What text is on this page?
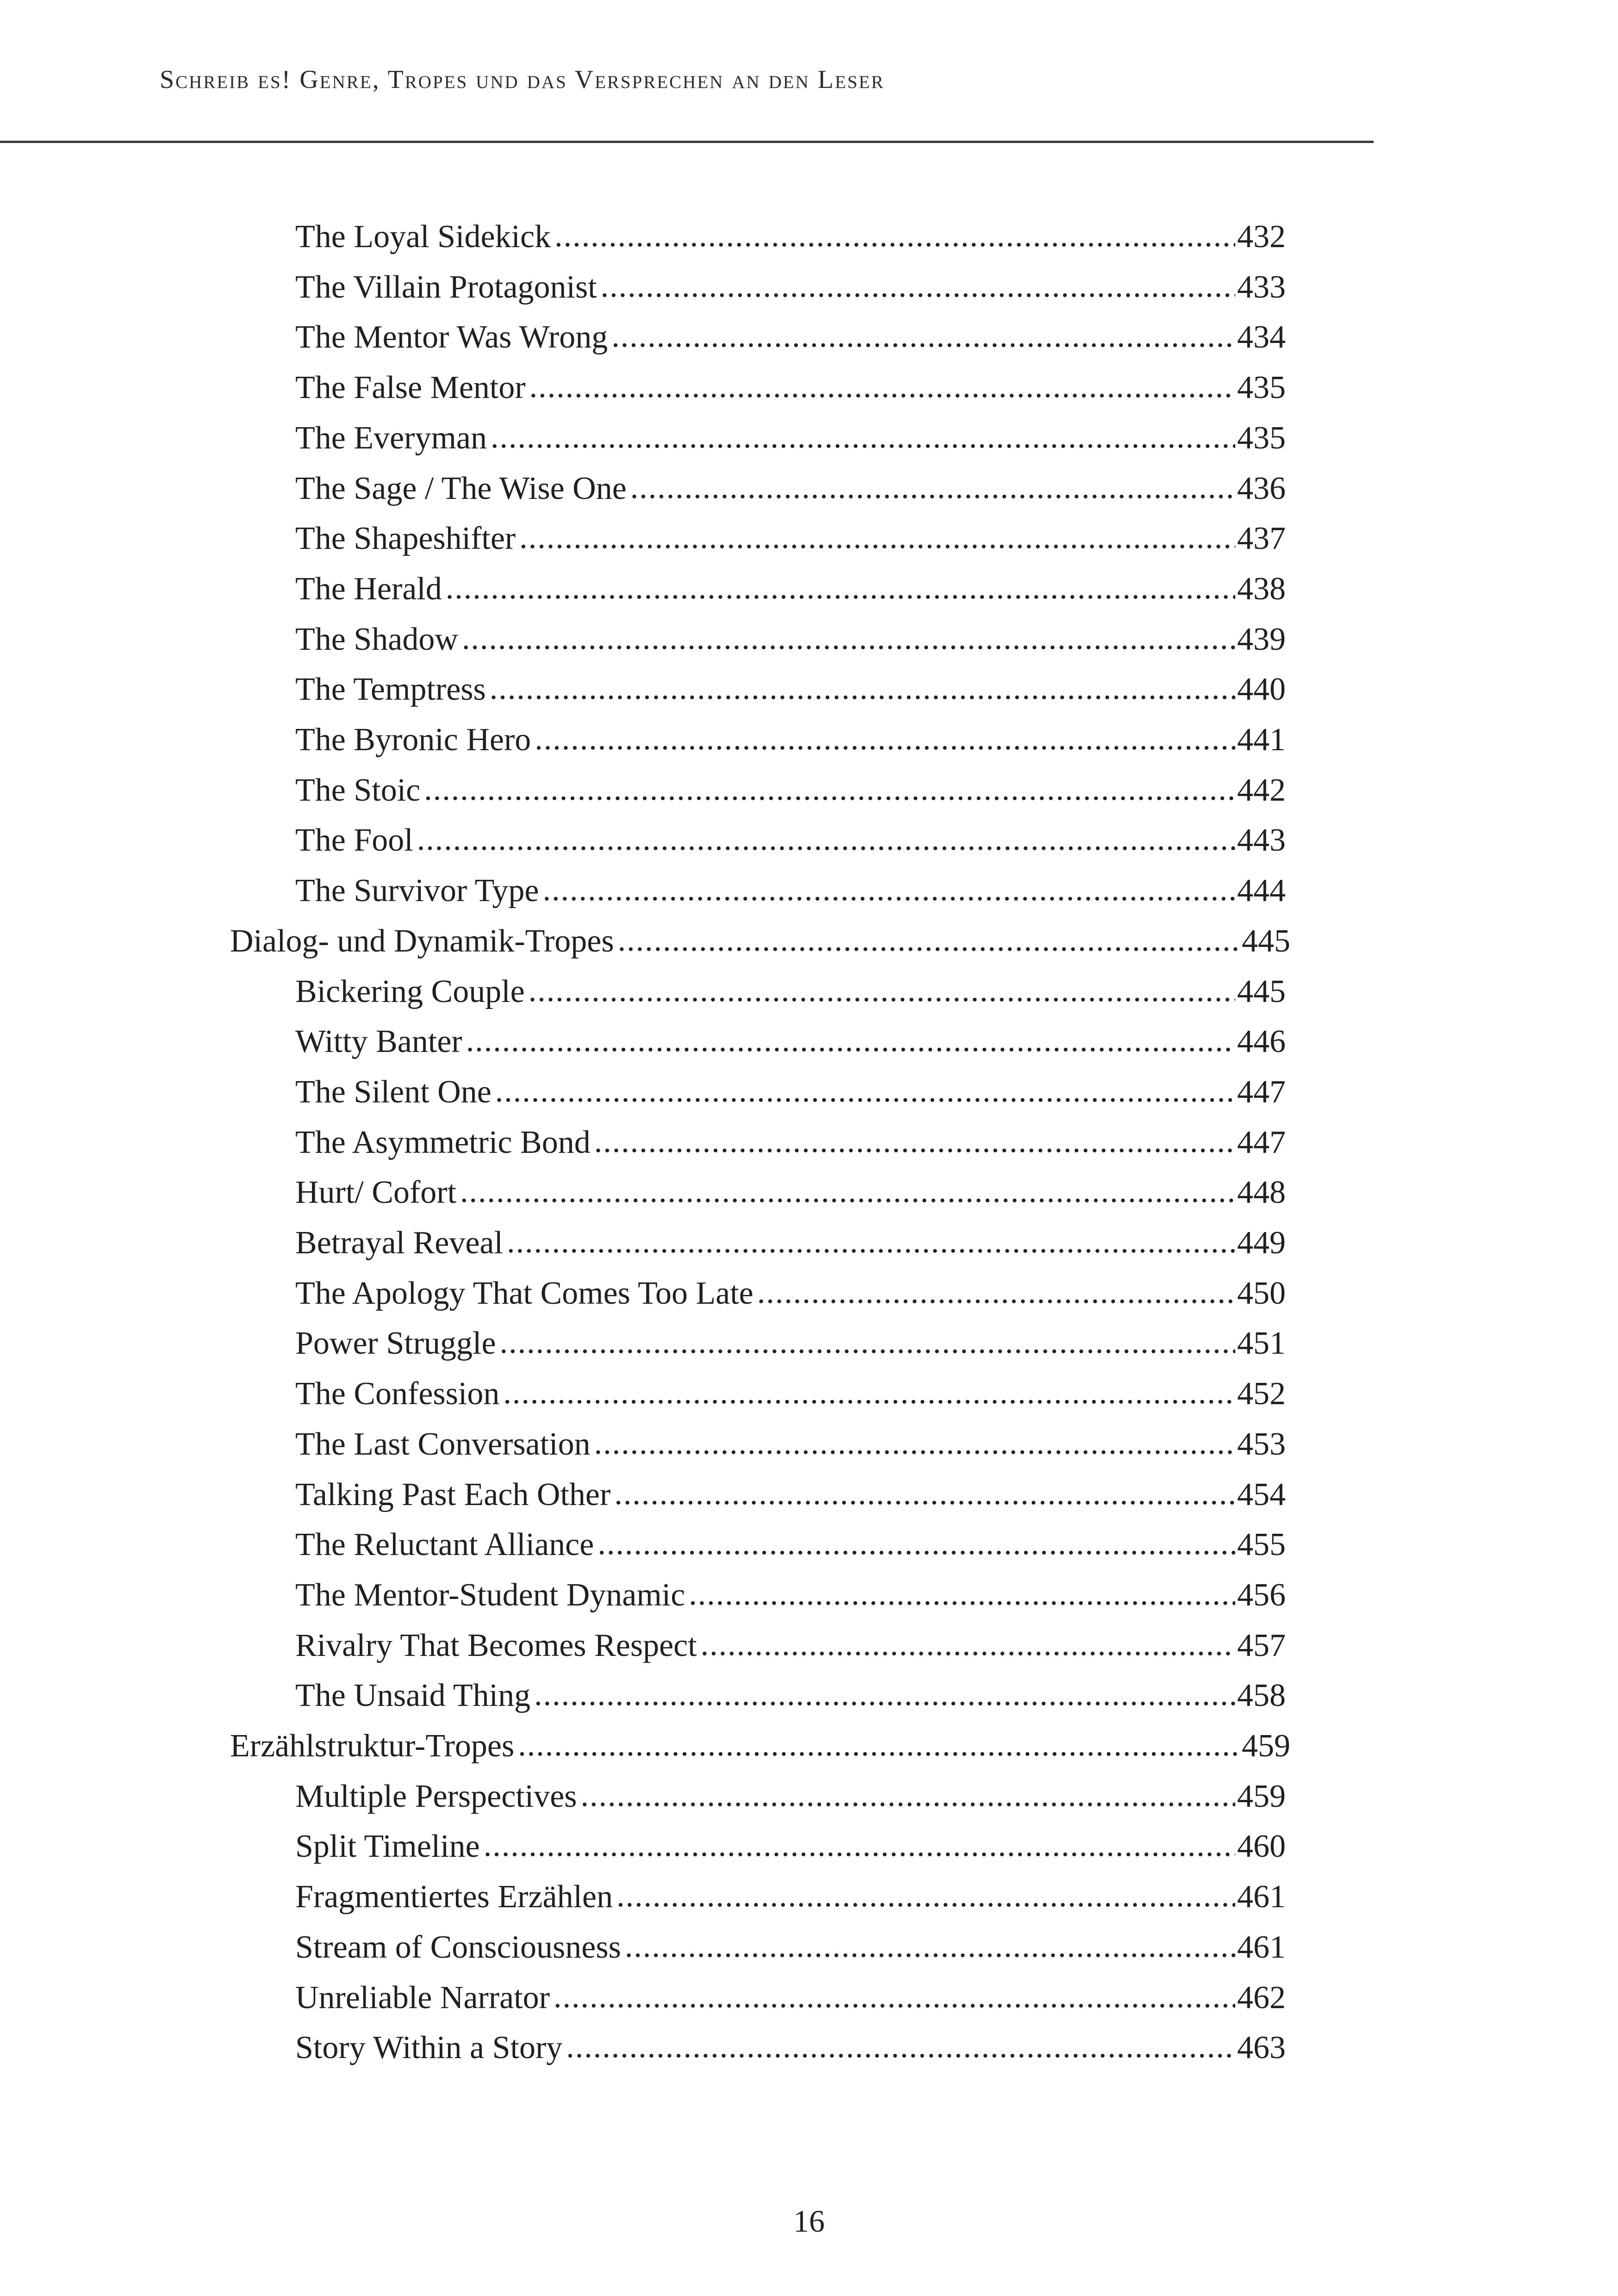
Schreib es! Genre, Tropes und das Versprechen an den Leser
The Loyal Sidekick .....	432
The Villain Protagonist .....	433
The Mentor Was Wrong .....	434
The False Mentor .....	435
The Everyman .....	435
The Sage / The Wise One .....	436
The Shapeshifter .....	437
The Herald .....	438
The Shadow .....	439
The Temptress .....	440
The Byronic Hero .....	441
The Stoic .....	442
The Fool .....	443
The Survivor Type .....	444
Dialog- und Dynamik-Tropes .....	445
Bickering Couple .....	445
Witty Banter .....	446
The Silent One .....	447
The Asymmetric Bond .....	447
Hurt/ Cofort .....	448
Betrayal Reveal .....	449
The Apology That Comes Too Late .....	450
Power Struggle .....	451
The Confession .....	452
The Last Conversation .....	453
Talking Past Each Other .....	454
The Reluctant Alliance .....	455
The Mentor-Student Dynamic .....	456
Rivalry That Becomes Respect .....	457
The Unsaid Thing .....	458
Erzählstruktur-Tropes .....	459
Multiple Perspectives .....	459
Split Timeline .....	460
Fragmentiertes Erzählen .....	461
Stream of Consciousness .....	461
Unreliable Narrator .....	462
Story Within a Story .....	463
16
